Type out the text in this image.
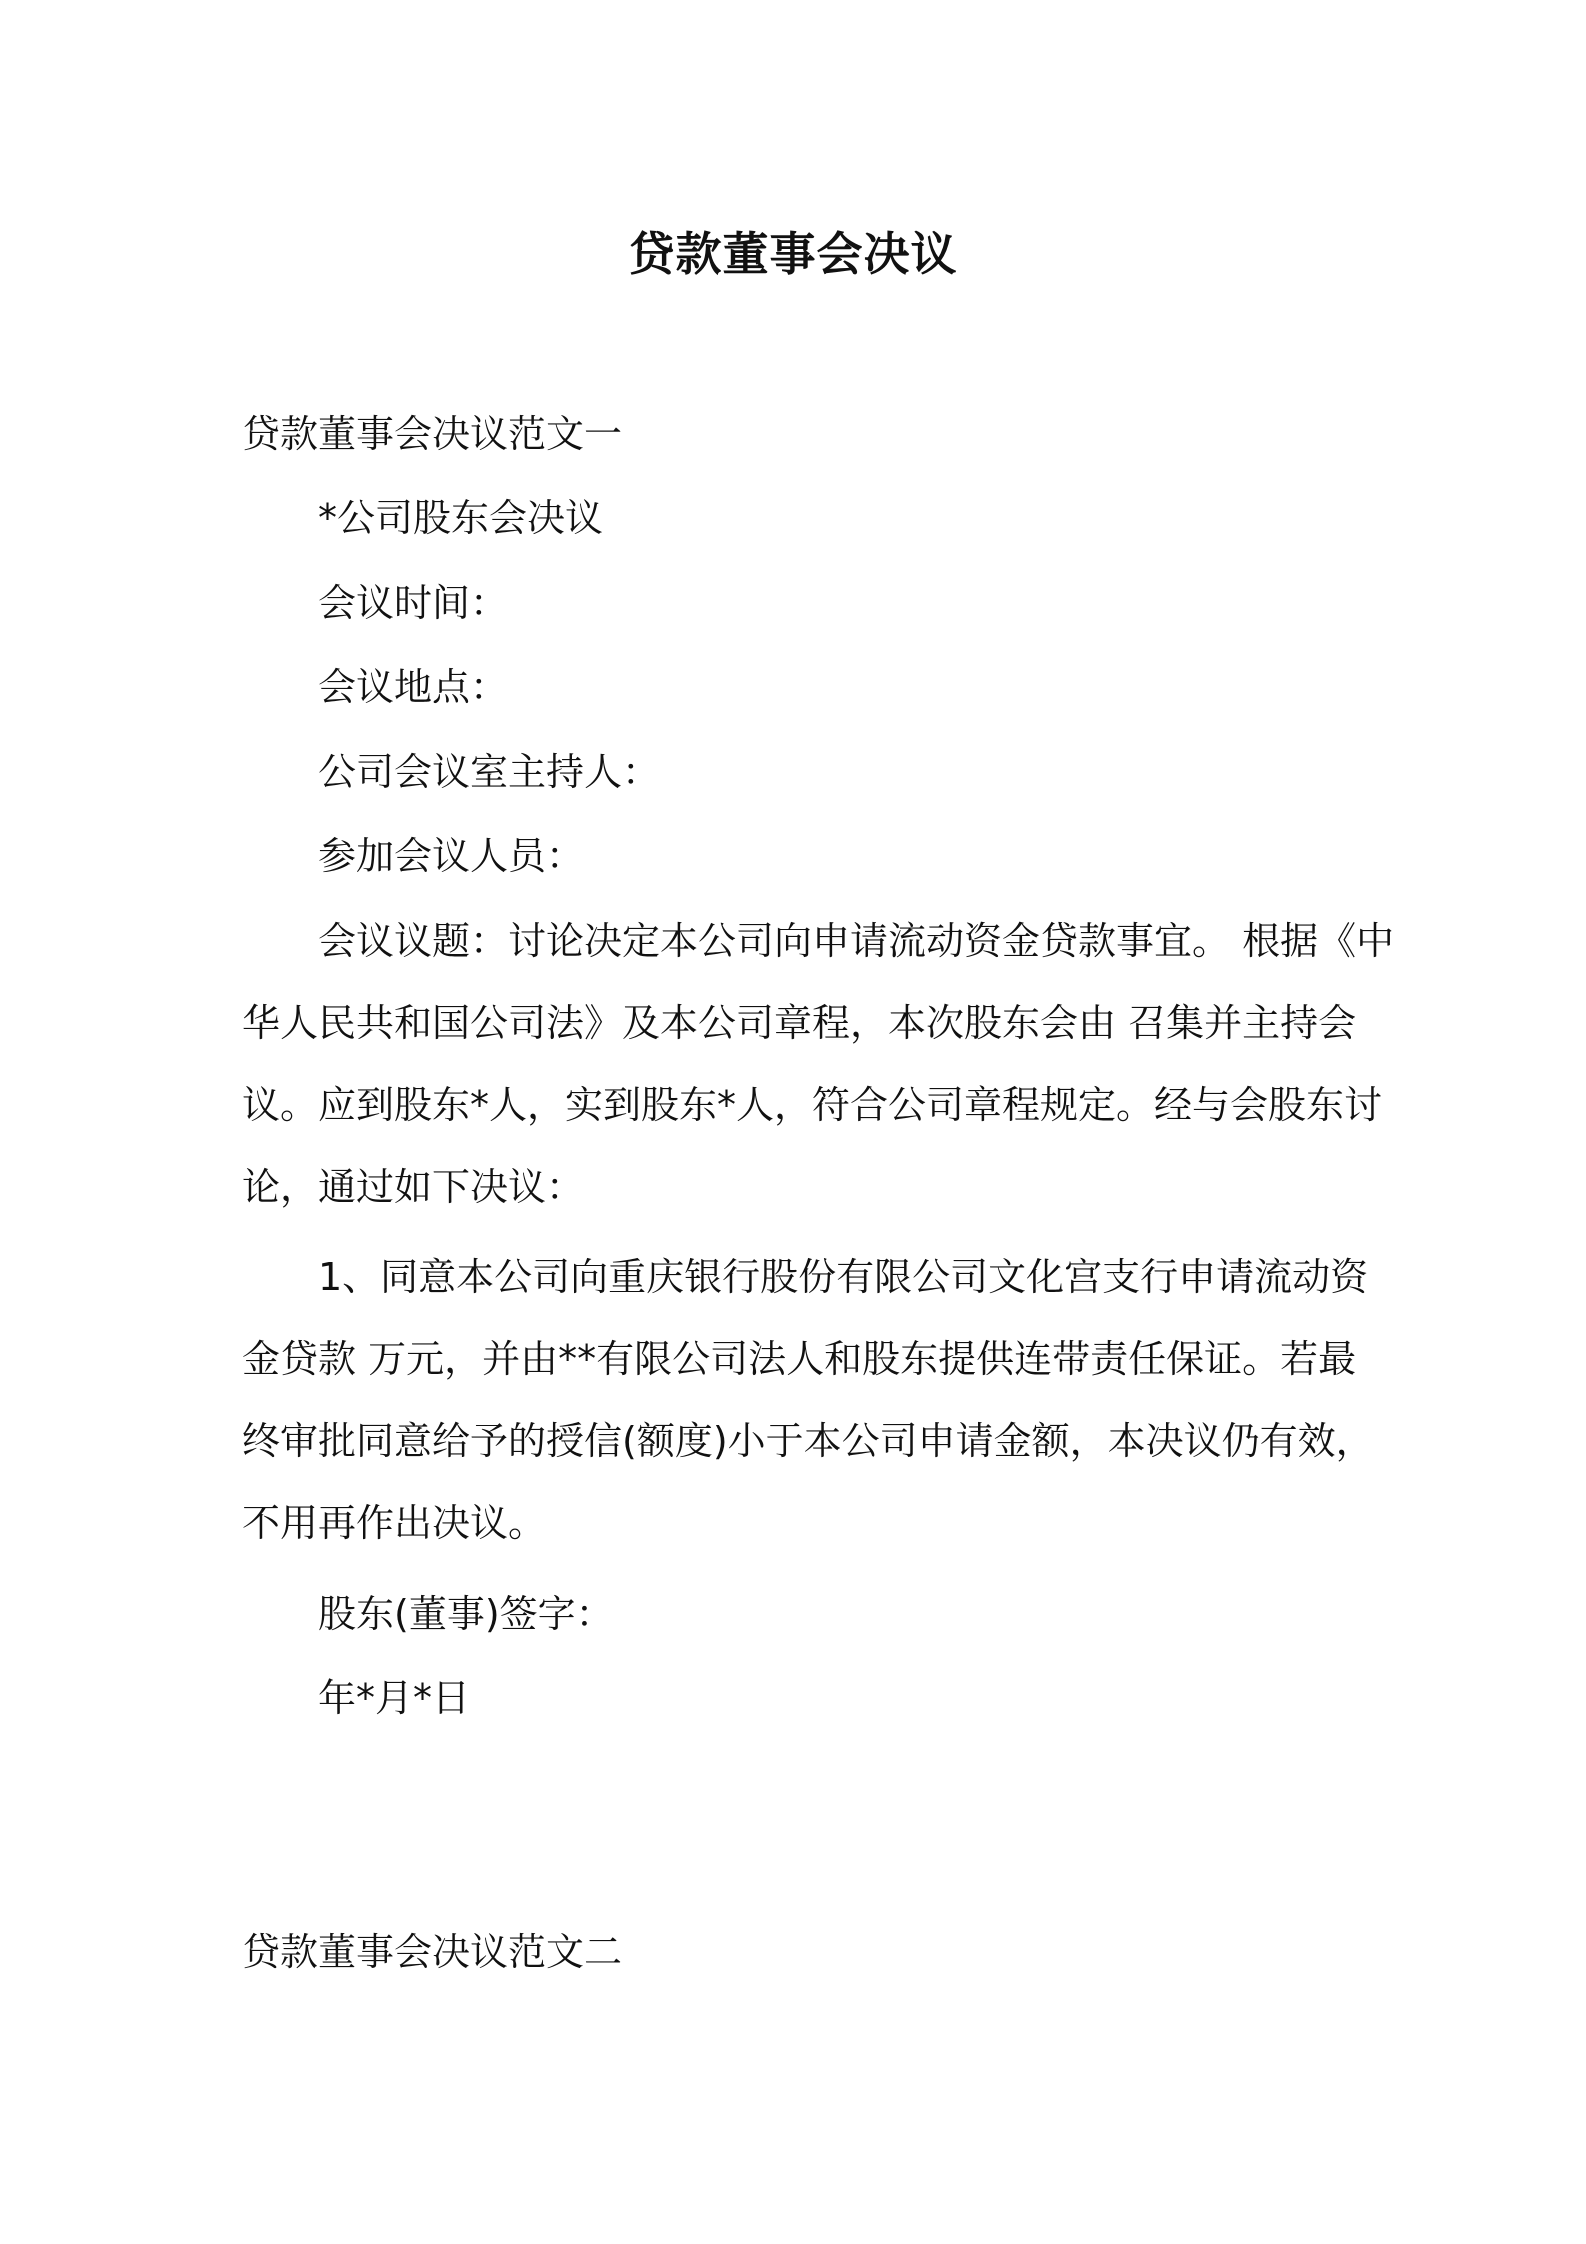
贷款董事会决议

贷款董事会决议范文一

*公司股东会决议

会议时间：

会议地点：

公司会议室主持人：

参加会议人员：

会议议题：讨论决定本公司向申请流动资金贷款事宜。 根据《中
华人民共和国公司法》及本公司章程，本次股东会由 召集并主持会
议。应到股东*人，实到股东*人，符合公司章程规定。经与会股东讨
论，通过如下决议：
1、同意本公司向重庆银行股份有限公司文化宫支行申请流动资
金贷款 万元，并由**有限公司法人和股东提供连带责任保证。若最
终审批同意给予的授信(额度)小于本公司申请金额，本决议仍有效，
不用再作出决议。

股东(董事)签字：

年*月*日

贷款董事会决议范文二
